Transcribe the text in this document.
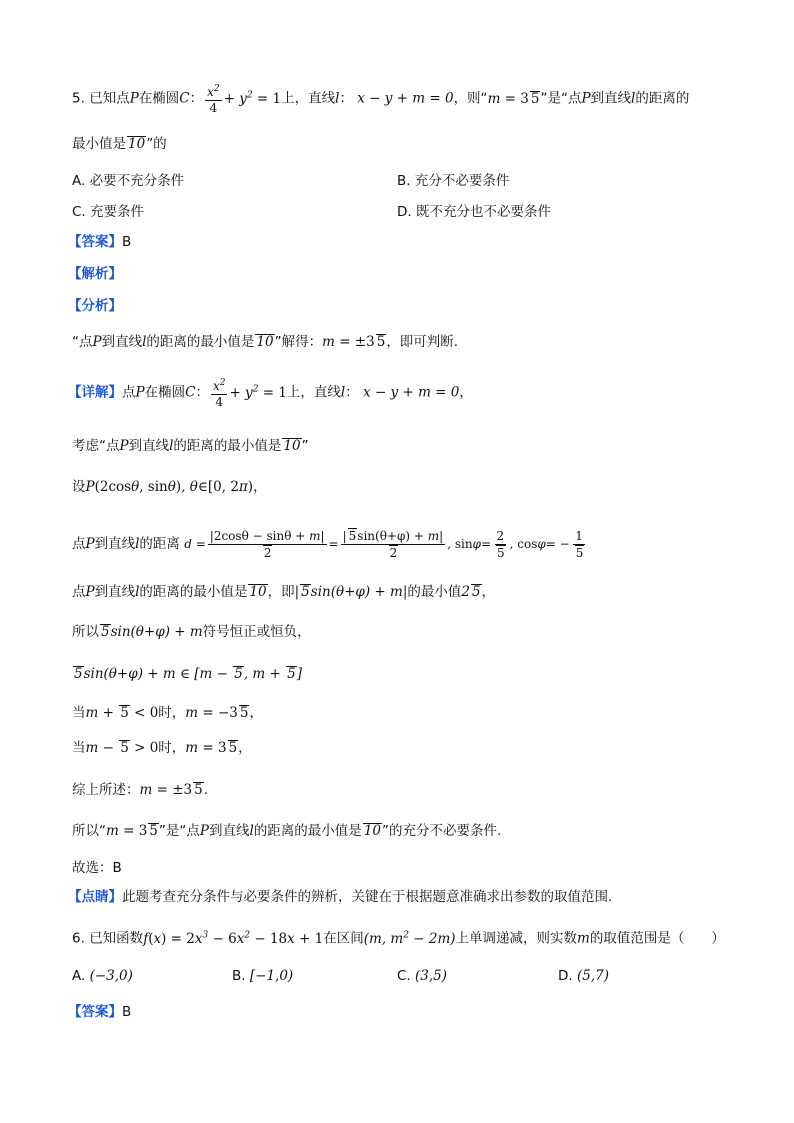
5. 已知点P在椭圆C： $\frac{x^2}{4} + y^2 = 1$上，直线l： x − y + m = 0，则“m = 3 5”是“点P到直线l的距离的
最小值是 10”的
A. 必要不充分条件	B. 充分不必要条件
C. 充要条件	D. 既不充分也不必要条件
【答案】B
【解析】
【分析】
“点P到直线l的距离的最小值是 10”解得：m = ±3 5，即可判断.
【详解】点P在椭圆C： $\frac{x^2}{4} + y^2 = 1$上，直线l： x − y + m = 0，
考虑“点P到直线l的距离的最小值是 10”
设P(2cosθ, sinθ), θ∈[0, 2π)，
点P到直线l的距离 $d = \frac{|2\cos\theta - \sin\theta + m|}{2} = \frac{| 5\sin(\theta+\varphi) + m|}{2}$ , $\sin\varphi= \frac{2}{5}$ , $\cos\varphi= - \frac{1}{5}$
点P到直线l的距离的最小值是 10，即| 5sin(θ+φ) + m|的最小值2 5，
所以 5sin(θ+φ) + m符号恒正或恒负，
5sin(θ+φ) + m ∈ [m − 5, m + 5]
当m + 5 < 0时，m = −3 5，
当m − 5 > 0时，m = 3 5，
综上所述：m = ±3 5.
所以“m = 3 5”是“点P到直线l的距离的最小值是 10”的充分不必要条件.
故选：B
【点睛】此题考查充分条件与必要条件的辨析，关键在于根据题意准确求出参数的取值范围.
6. 已知函数$f(x) = 2x^3 - 6x^2 - 18x + 1$在区间(m, $m^2 - 2m$)上单调递减，则实数m的取值范围是（　　）
A. (−3,0)	B. [−1,0)	C. (3,5)	D. (5,7)
【答案】B
